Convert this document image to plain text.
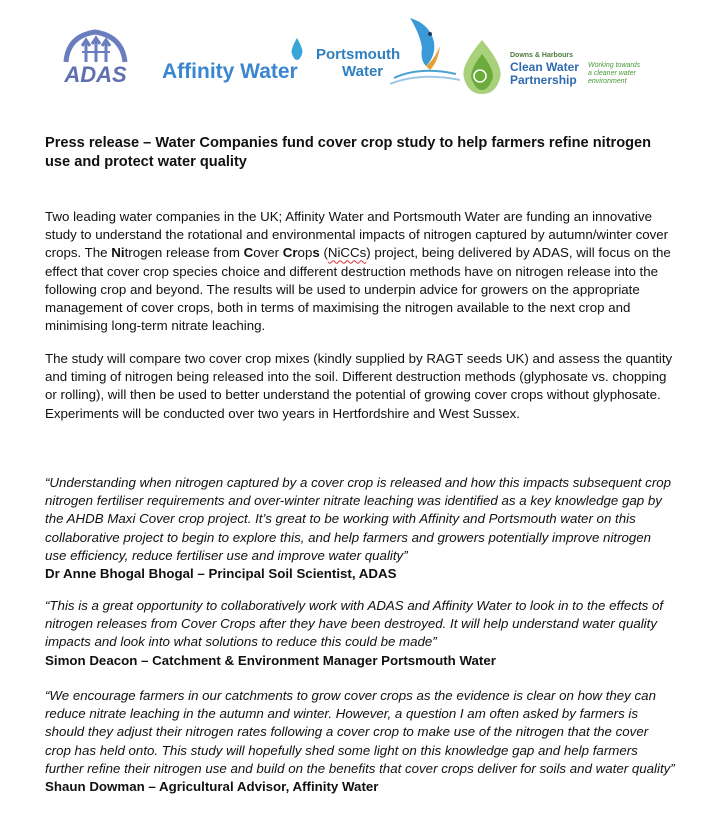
ADAS	Affinity Water
Portsmouth
Water
Downs & Harbours
Clean Water
Partnership
Working towards
a cleaner water
environment
Press release – Water Companies fund cover crop study to help farmers refine nitrogen use and protect water quality

Two leading water companies in the UK; Affinity Water and Portsmouth Water are funding an innovative study to understand the rotational and environmental impacts of nitrogen captured by autumn/winter cover crops. The Nitrogen release from Cover Crops (NiCCs) project, being delivered by ADAS, will focus on the effect that cover crop species choice and different destruction methods have on nitrogen release into the following crop and beyond. The results will be used to underpin advice for growers on the appropriate management of cover crops, both in terms of maximising the nitrogen available to the next crop and minimising long-term nitrate leaching.

The study will compare two cover crop mixes (kindly supplied by RAGT seeds UK) and assess the quantity and timing of nitrogen being released into the soil. Different destruction methods (glyphosate vs. chopping or rolling), will then be used to better understand the potential of growing cover crops without glyphosate. Experiments will be conducted over two years in Hertfordshire and West Sussex.

“Understanding when nitrogen captured by a cover crop is released and how this impacts subsequent crop nitrogen fertiliser requirements and over-winter nitrate leaching was identified as a key knowledge gap by the AHDB Maxi Cover crop project. It’s great to be working with Affinity and Portsmouth water on this collaborative project to begin to explore this, and help farmers and growers potentially improve nitrogen use efficiency, reduce fertiliser use and improve water quality”
Dr Anne Bhogal Bhogal – Principal Soil Scientist, ADAS

“This is a great opportunity to collaboratively work with ADAS and Affinity Water to look in to the effects of nitrogen releases from Cover Crops after they have been destroyed. It will help understand water quality impacts and look into what solutions to reduce this could be made”
Simon Deacon – Catchment & Environment Manager Portsmouth Water

“We encourage farmers in our catchments to grow cover crops as the evidence is clear on how they can reduce nitrate leaching in the autumn and winter. However, a question I am often asked by farmers is should they adjust their nitrogen rates following a cover crop to make use of the nitrogen that the cover crop has held onto. This study will hopefully shed some light on this knowledge gap and help farmers further refine their nitrogen use and build on the benefits that cover crops deliver for soils and water quality”
Shaun Dowman – Agricultural Advisor, Affinity Water
